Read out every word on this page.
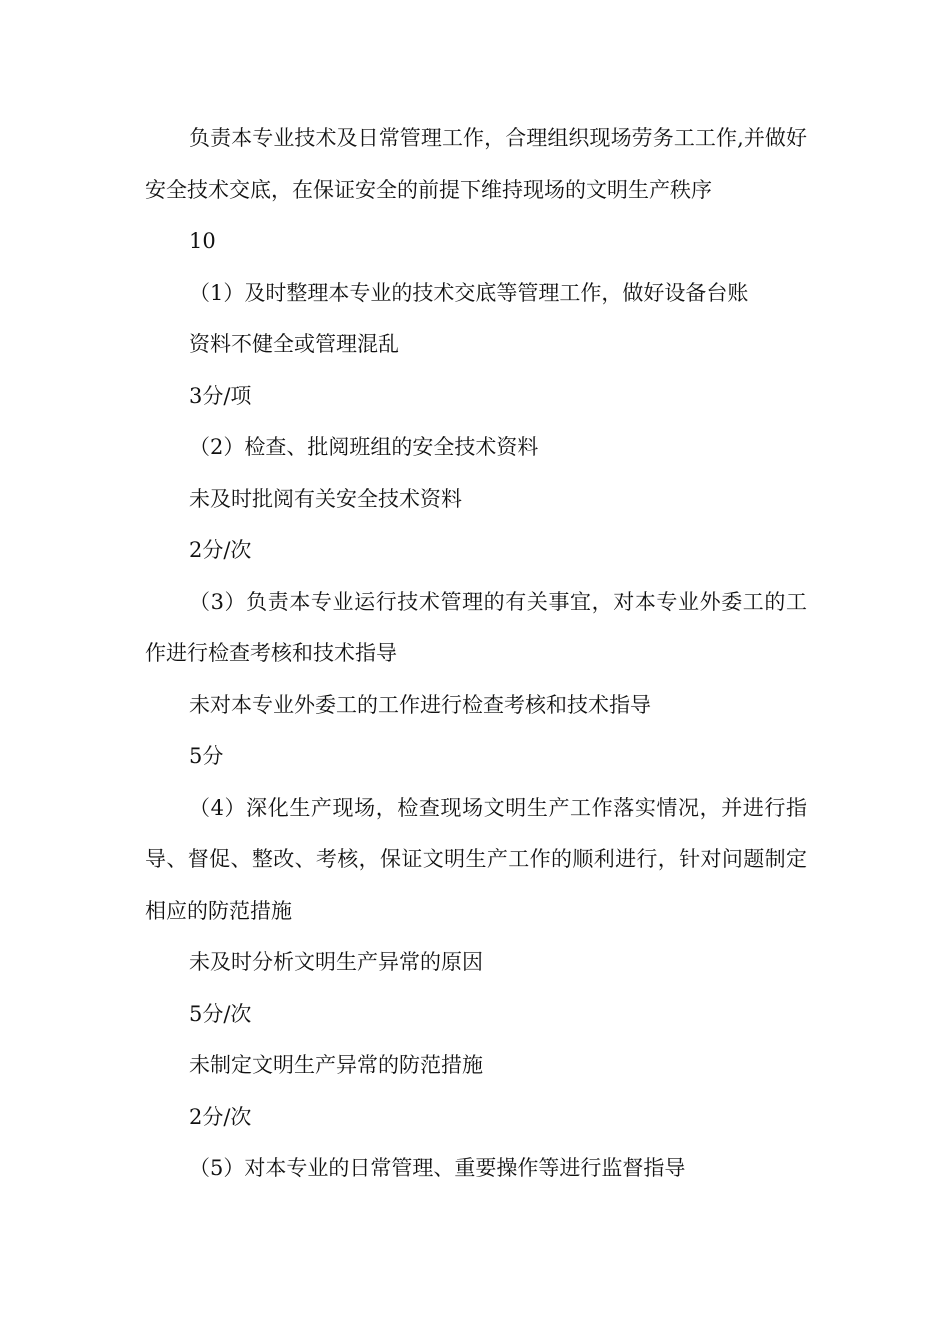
负责本专业技术及日常管理工作，合理组织现场劳务工工作,并做好安全技术交底，在保证安全的前提下维持现场的文明生产秩序

10

（1）及时整理本专业的技术交底等管理工作，做好设备台账

资料不健全或管理混乱

3分/项

（2）检查、批阅班组的安全技术资料

未及时批阅有关安全技术资料

2分/次

（3）负责本专业运行技术管理的有关事宜，对本专业外委工的工作进行检查考核和技术指导

未对本专业外委工的工作进行检查考核和技术指导

5分

（4）深化生产现场，检查现场文明生产工作落实情况，并进行指导、督促、整改、考核，保证文明生产工作的顺利进行，针对问题制定相应的防范措施

未及时分析文明生产异常的原因

5分/次

未制定文明生产异常的防范措施

2分/次

（5）对本专业的日常管理、重要操作等进行监督指导
